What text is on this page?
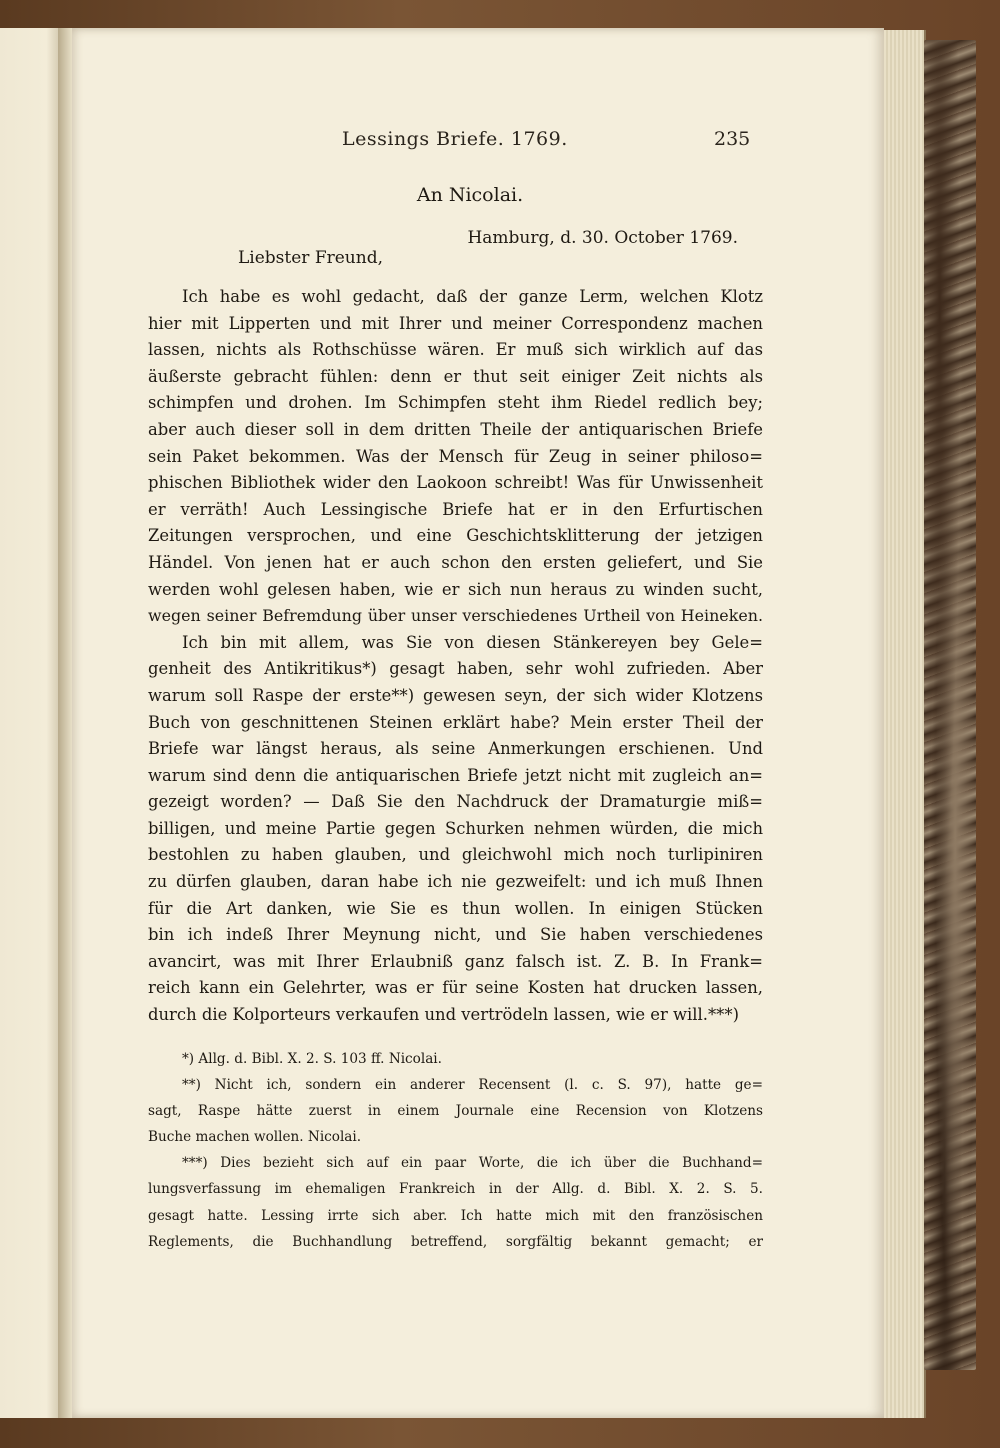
Lessings Briefe. 1769.	235
An Nicolai.
Hamburg, d. 30. October 1769.
Liebster Freund,
Ich habe es wohl gedacht, daß der ganze Lerm, welchen Klotz
hier mit Lipperten und mit Ihrer und meiner Correspondenz machen
lassen, nichts als Rothschüsse wären. Er muß sich wirklich auf das
äußerste gebracht fühlen: denn er thut seit einiger Zeit nichts als
schimpfen und drohen. Im Schimpfen steht ihm Riedel redlich bey;
aber auch dieser soll in dem dritten Theile der antiquarischen Briefe
sein Paket bekommen. Was der Mensch für Zeug in seiner philoso=
phischen Bibliothek wider den Laokoon schreibt! Was für Unwissenheit
er verräth! Auch Lessingische Briefe hat er in den Erfurtischen
Zeitungen versprochen, und eine Geschichtsklitterung der jetzigen
Händel. Von jenen hat er auch schon den ersten geliefert, und Sie
werden wohl gelesen haben, wie er sich nun heraus zu winden sucht,
wegen seiner Befremdung über unser verschiedenes Urtheil von Heineken.
Ich bin mit allem, was Sie von diesen Stänkereyen bey Gele=
genheit des Antikritikus*) gesagt haben, sehr wohl zufrieden. Aber
warum soll Raspe der erste**) gewesen seyn, der sich wider Klotzens
Buch von geschnittenen Steinen erklärt habe? Mein erster Theil der
Briefe war längst heraus, als seine Anmerkungen erschienen. Und
warum sind denn die antiquarischen Briefe jetzt nicht mit zugleich an=
gezeigt worden? — Daß Sie den Nachdruck der Dramaturgie miß=
billigen, und meine Partie gegen Schurken nehmen würden, die mich
bestohlen zu haben glauben, und gleichwohl mich noch turlipiniren
zu dürfen glauben, daran habe ich nie gezweifelt: und ich muß Ihnen
für die Art danken, wie Sie es thun wollen. In einigen Stücken
bin ich indeß Ihrer Meynung nicht, und Sie haben verschiedenes
avancirt, was mit Ihrer Erlaubniß ganz falsch ist. Z. B. In Frank=
reich kann ein Gelehrter, was er für seine Kosten hat drucken lassen,
durch die Kolporteurs verkaufen und vertrödeln lassen, wie er will.***)
*) Allg. d. Bibl. X. 2. S. 103 ff. Nicolai.
**) Nicht ich, sondern ein anderer Recensent (l. c. S. 97), hatte ge=
sagt, Raspe hätte zuerst in einem Journale eine Recension von Klotzens
Buche machen wollen. Nicolai.
***) Dies bezieht sich auf ein paar Worte, die ich über die Buchhand=
lungsverfassung im ehemaligen Frankreich in der Allg. d. Bibl. X. 2. S. 5.
gesagt hatte. Lessing irrte sich aber. Ich hatte mich mit den französischen
Reglements, die Buchhandlung betreffend, sorgfältig bekannt gemacht; er
